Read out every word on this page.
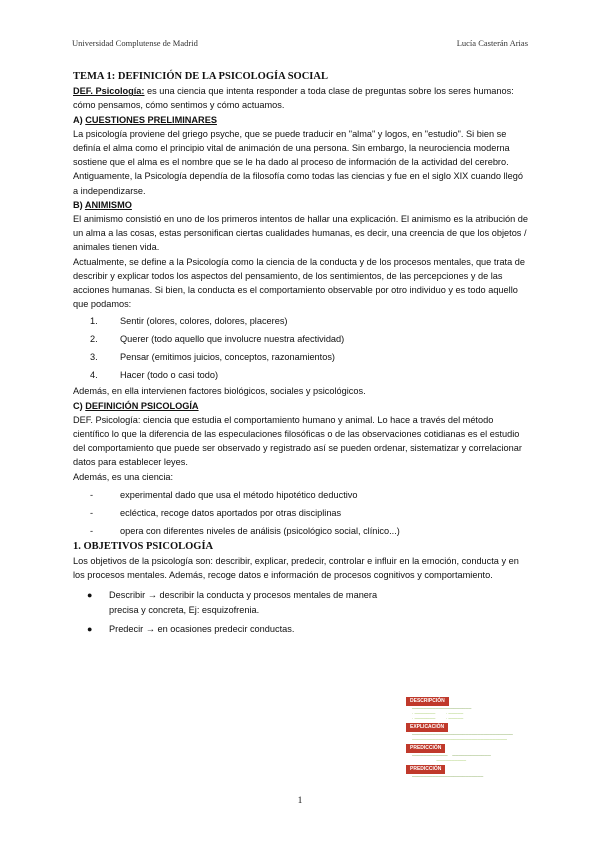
Universidad Complutense de Madrid	Lucía Casterán Arias

TEMA 1: DEFINICIÓN DE LA PSICOLOGÍA SOCIAL

DEF. Psicología: es una ciencia que intenta responder a toda clase de preguntas sobre los seres humanos: cómo pensamos, cómo sentimos y cómo actuamos.

A) CUESTIONES PRELIMINARES

La psicología proviene del griego psyche, que se puede traducir en "alma" y logos, en "estudio". Si bien se definía el alma como el principio vital de animación de una persona. Sin embargo, la neurociencia moderna sostiene que el alma es el nombre que se le ha dado al proceso de información de la actividad del cerebro.

Antiguamente, la Psicología dependía de la filosofía como todas las ciencias y fue en el siglo XIX cuando llegó a independizarse.

B) ANIMISMO

El animismo consistió en uno de los primeros intentos de hallar una explicación. El animismo es la atribución de un alma a las cosas, estas personifican ciertas cualidades humanas, es decir, una creencia de que los objetos / animales tienen vida.

Actualmente, se define a la Psicología como la ciencia de la conducta y de los procesos mentales, que trata de describir y explicar todos los aspectos del pensamiento, de los sentimientos, de las percepciones y de las acciones humanas. Si bien, la conducta es el comportamiento observable por otro individuo y es todo aquello que podamos:

1.	Sentir (olores, colores, dolores, placeres)
2.	Querer (todo aquello que involucre nuestra afectividad)
3.	Pensar (emitimos juicios, conceptos, razonamientos)
4.	Hacer (todo o casi todo)

Además, en ella intervienen factores biológicos, sociales y psicológicos.

C) DEFINICIÓN PSICOLOGÍA

DEF. Psicología: ciencia que estudia el comportamiento humano y animal. Lo hace a través del método científico lo que la diferencia de las especulaciones filosóficas o de las observaciones cotidianas es el estudio del comportamiento que puede ser observado y registrado así se pueden ordenar, sistematizar y correlacionar datos para establecer leyes.

Además, es una ciencia:

-	experimental dado que usa el método hipotético deductivo
-	ecléctica, recoge datos aportados por otras disciplinas
-	opera con diferentes niveles de análisis (psicológico social, clínico...)

1. OBJETIVOS PSICOLOGÍA

Los objetivos de la psicología son: describir, explicar, predecir, controlar e influir en la emoción, conducta y en los procesos mentales. Además, recoge datos e información de procesos cognitivos y comportamiento.

●	Describir → describir la conducta y procesos mentales de manera precisa y concreta, Ej: esquizofrenia.
●	Predecir → en ocasiones predecir conductas.
DESCRIPCIÓN
────────────────────
· ───────         · ─────
· ───────         · ─────
EXPLICACIÓN
──────────────────────────────────
────────────────────────────────
PREDICCIÓN
────────────    ─────────────
──────────
PREDICCIÓN
────────────────────────
1
